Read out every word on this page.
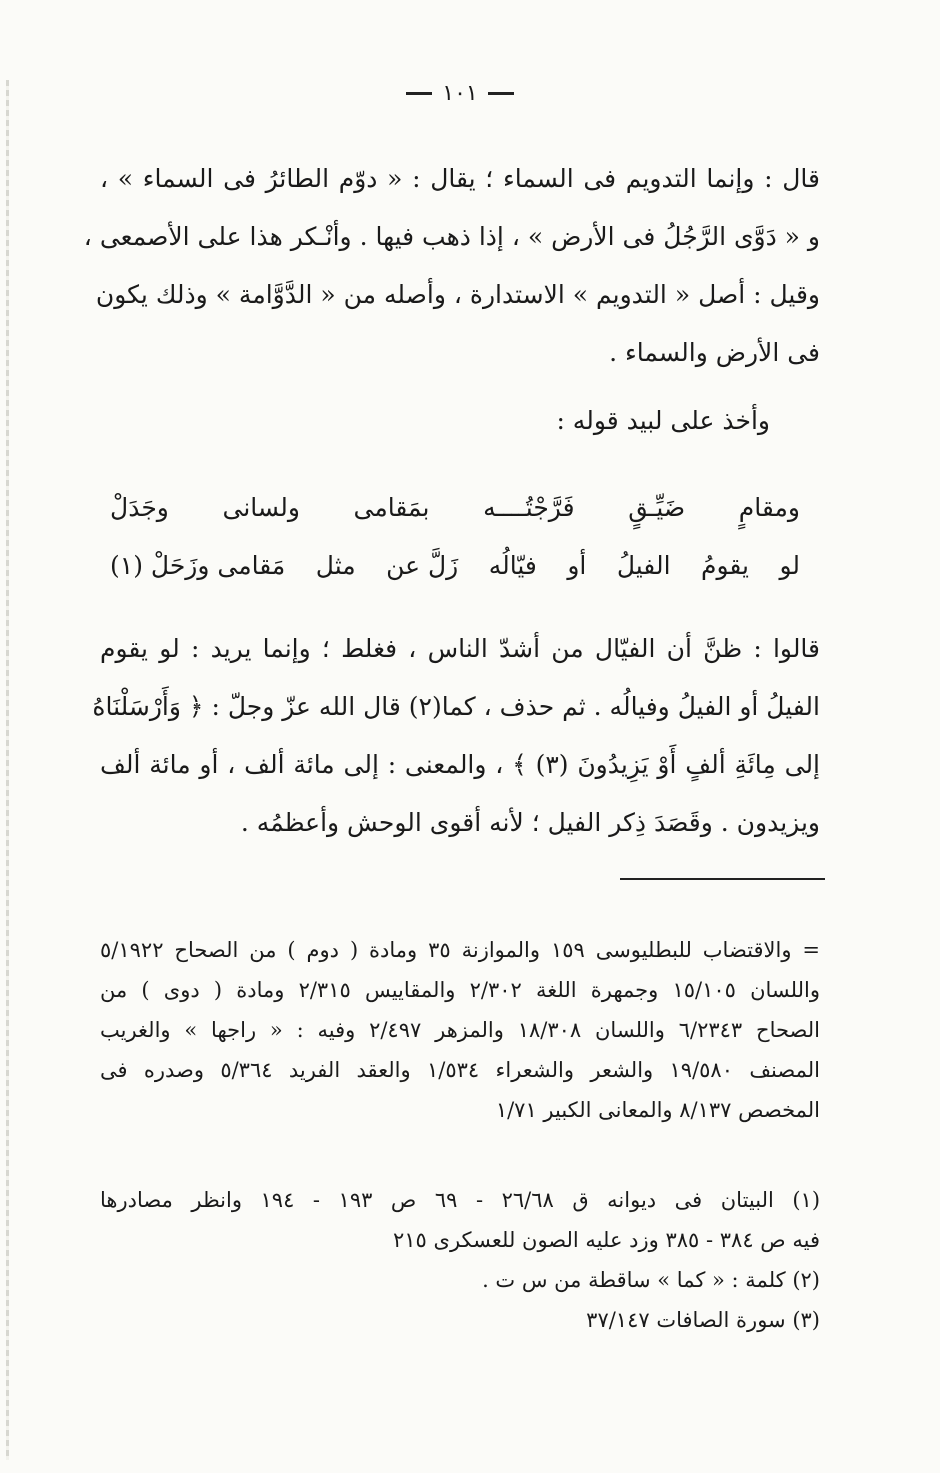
١٠١
قال : وإنما التدويم فى السماء ؛ يقال : « دوّم الطائرُ فى السماء » ،
و « دَوَّى الرَّجُلُ فى الأرض » ، إذا ذهب فيها . وأنْـكر هذا على الأصمعى ،
وقيل : أصل « التدويم » الاستدارة ، وأصله من « الدَّوَّامة » وذلك يكون
فى الأرض والسماء .
وأخذ على لبيد قوله :
ومقامٍ
ضَيِّـقٍ
فَرَّجْتُــــه
بمَقامى
ولسانى
وجَدَلْ
لو
يقومُ
الفيلُ
أو
فيّالُه
زَلَّ عن
مثل
مَقامى وزَحَلْ (١)
قالوا : ظنَّ أن الفيّال من أشدّ الناس ، فغلط ؛ وإنما يريد : لو يقوم
الفيلُ أو الفيلُ وفيالُه . ثم حذف ، كما(٢) قال الله عزّ وجلّ : ﴿ وَأَرْسَلْنَاهُ
إلى مِائَةِ ألفٍ أَوْ يَزِيدُونَ (٣) ﴾ ، والمعنى : إلى مائة ألف ، أو مائة ألف
ويزيدون . وقَصَدَ ذِكر الفيل ؛ لأنه أقوى الوحش وأعظمُه .
= والاقتضاب للبطليوسى ١٥٩ والموازنة ٣٥ ومادة ( دوم ) من الصحاح ٥/١٩٢٢
واللسان ١٥/١٠٥ وجمهرة اللغة ٢/٣٠٢ والمقاييس ٢/٣١٥ ومادة ( دوى ) من
الصحاح ٦/٢٣٤٣ واللسان ١٨/٣٠٨ والمزهر ٢/٤٩٧ وفيه : « راجها » والغريب
المصنف ١٩/٥٨٠ والشعر والشعراء ١/٥٣٤ والعقد الفريد ٥/٣٦٤ وصدره فى
المخصص ٨/١٣٧ والمعانى الكبير ١/٧١
(١) البيتان فى ديوانه ق ٢٦/٦٨ - ٦٩ ص ١٩٣ - ١٩٤ وانظر مصادرها
فيه ص ٣٨٤ - ٣٨٥ وزد عليه الصون للعسكرى ٢١٥
(٢) كلمة : « كما » ساقطة من س ت .
(٣) سورة الصافات ٣٧/١٤٧
